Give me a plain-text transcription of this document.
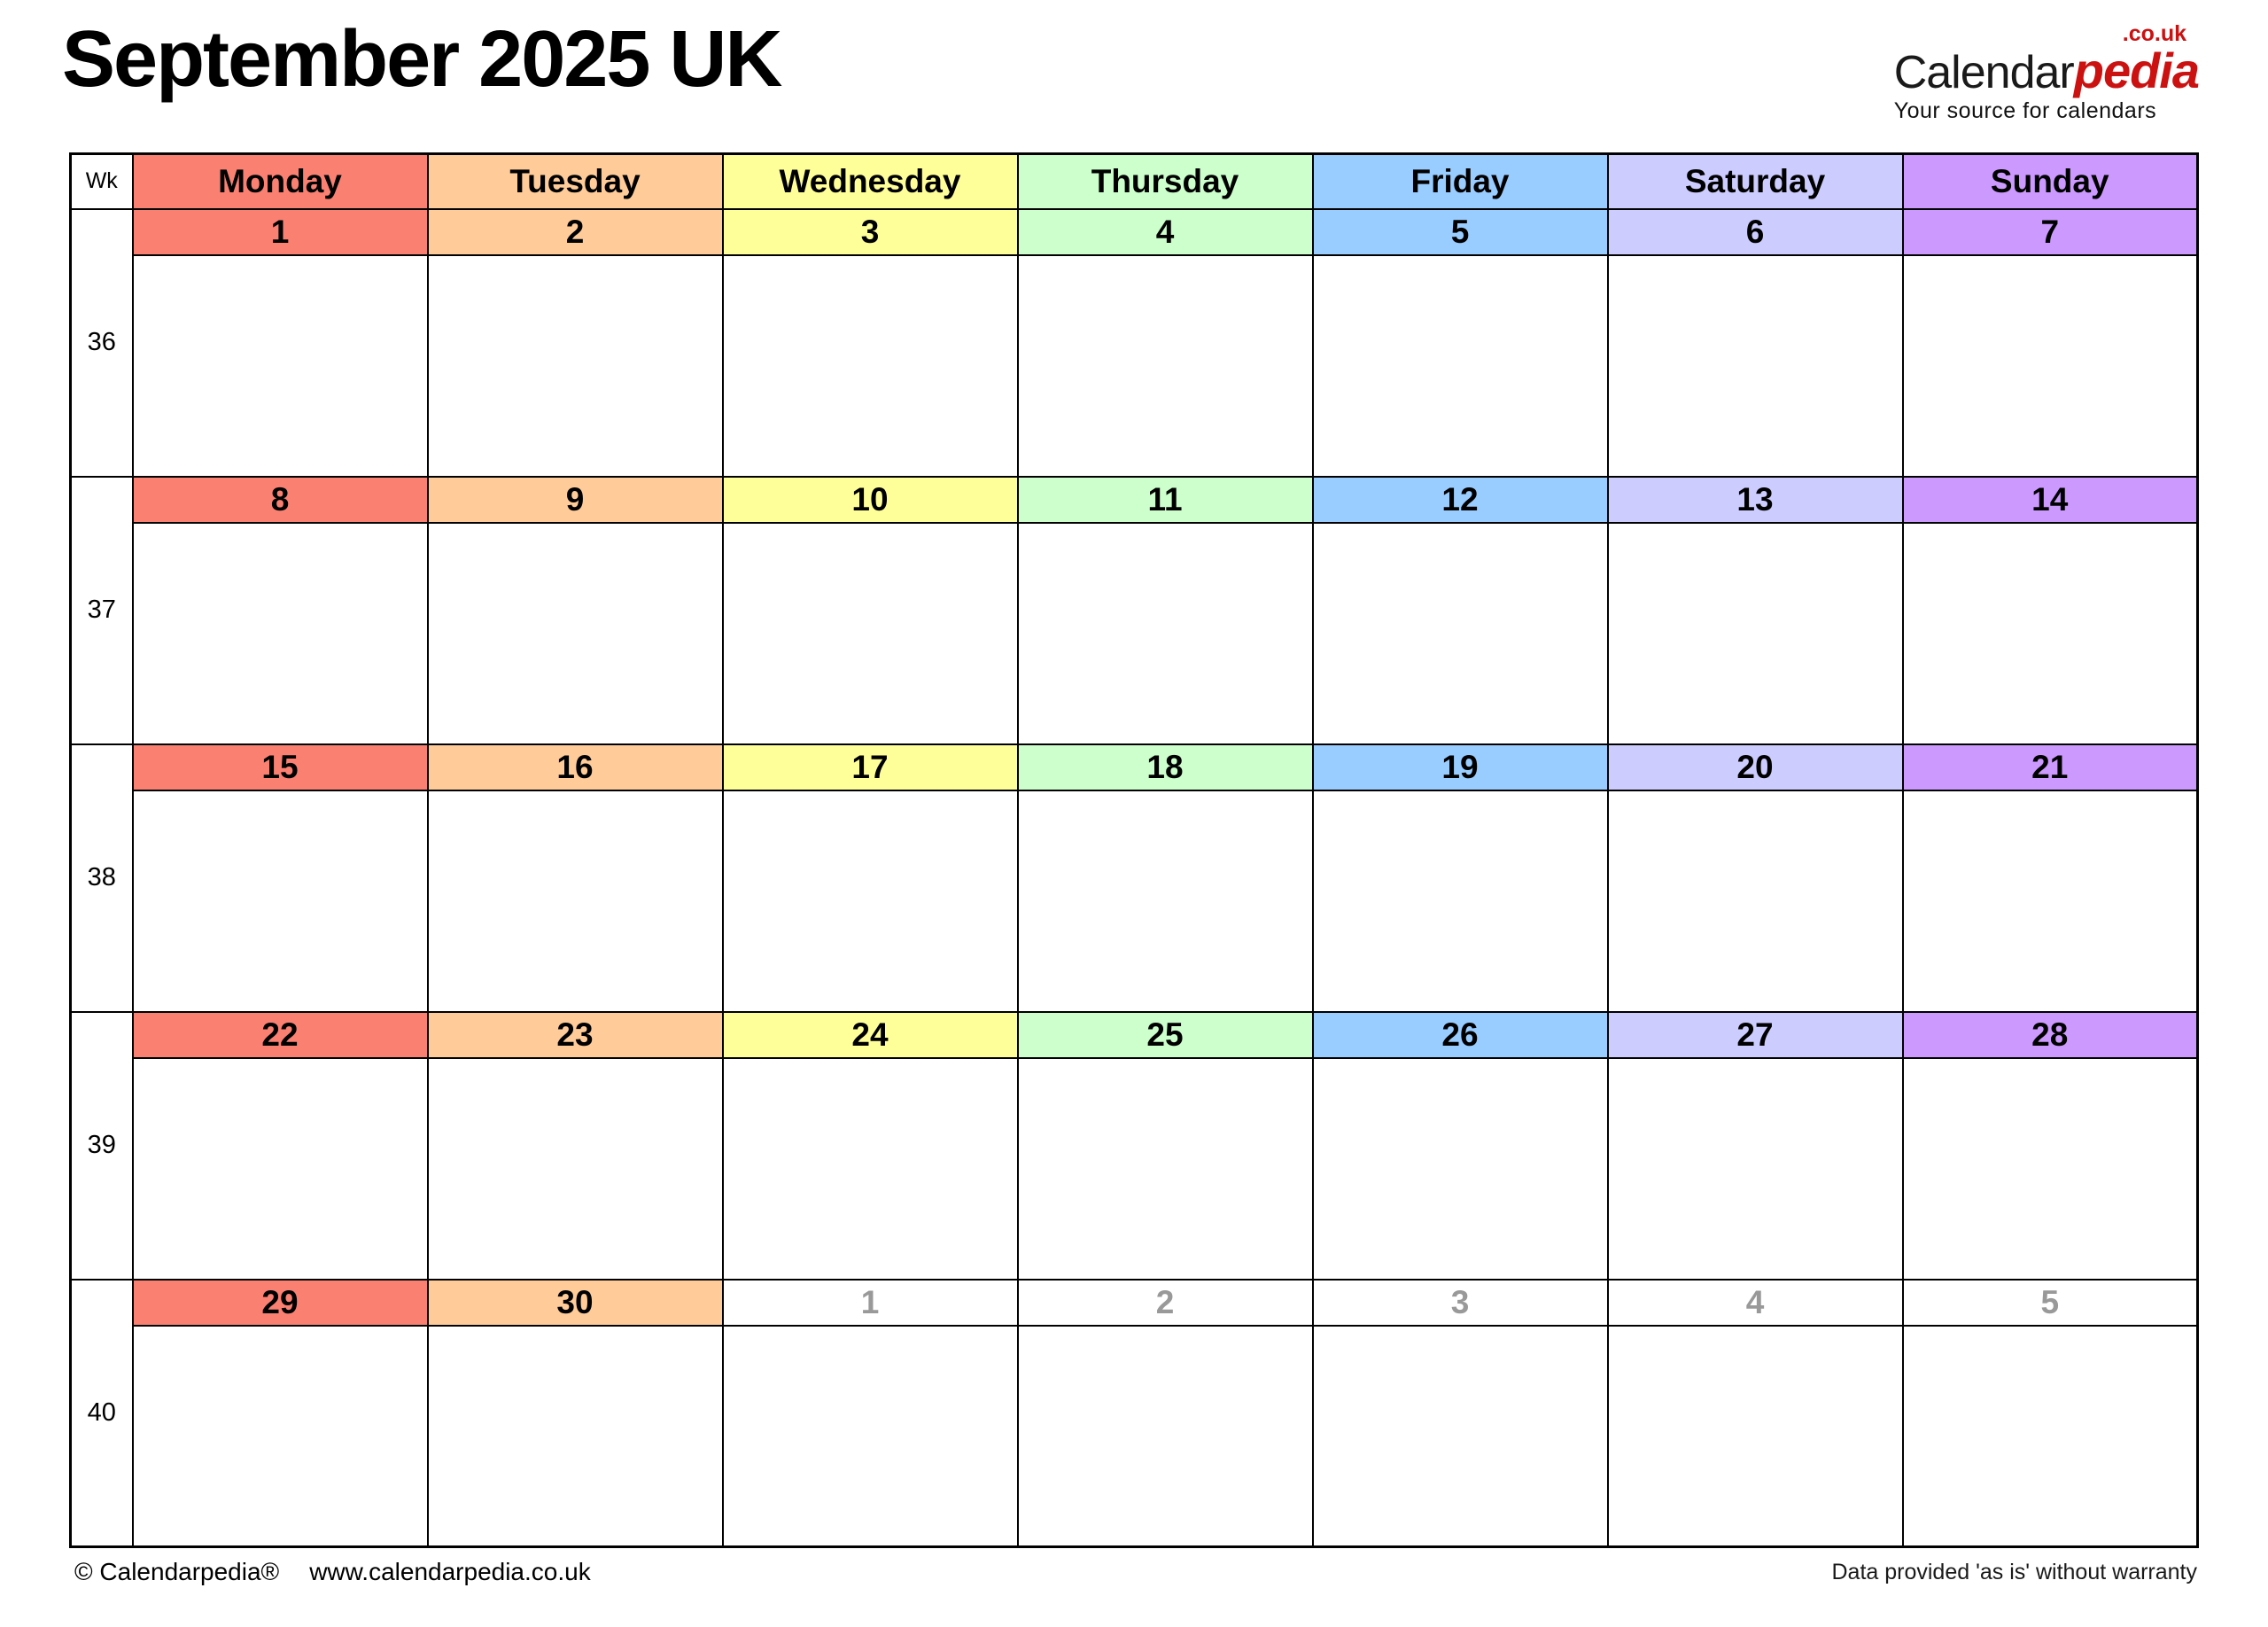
September 2025 UK	Calendarpedia
.co.uk
Your source for calendars
Wk	Monday	Tuesday	Wednesday	Thursday	Friday	Saturday	Sunday
36	1	2	3	4	5	6	7

37	8	9	10	11	12	13	14

38	15	16	17	18	19	20	21

39	22	23	24	25	26	27	28

40	29	30	1	2	3	4	5

© Calendarpedia® www.calendarpedia.co.uk	Data provided 'as is' without warranty
